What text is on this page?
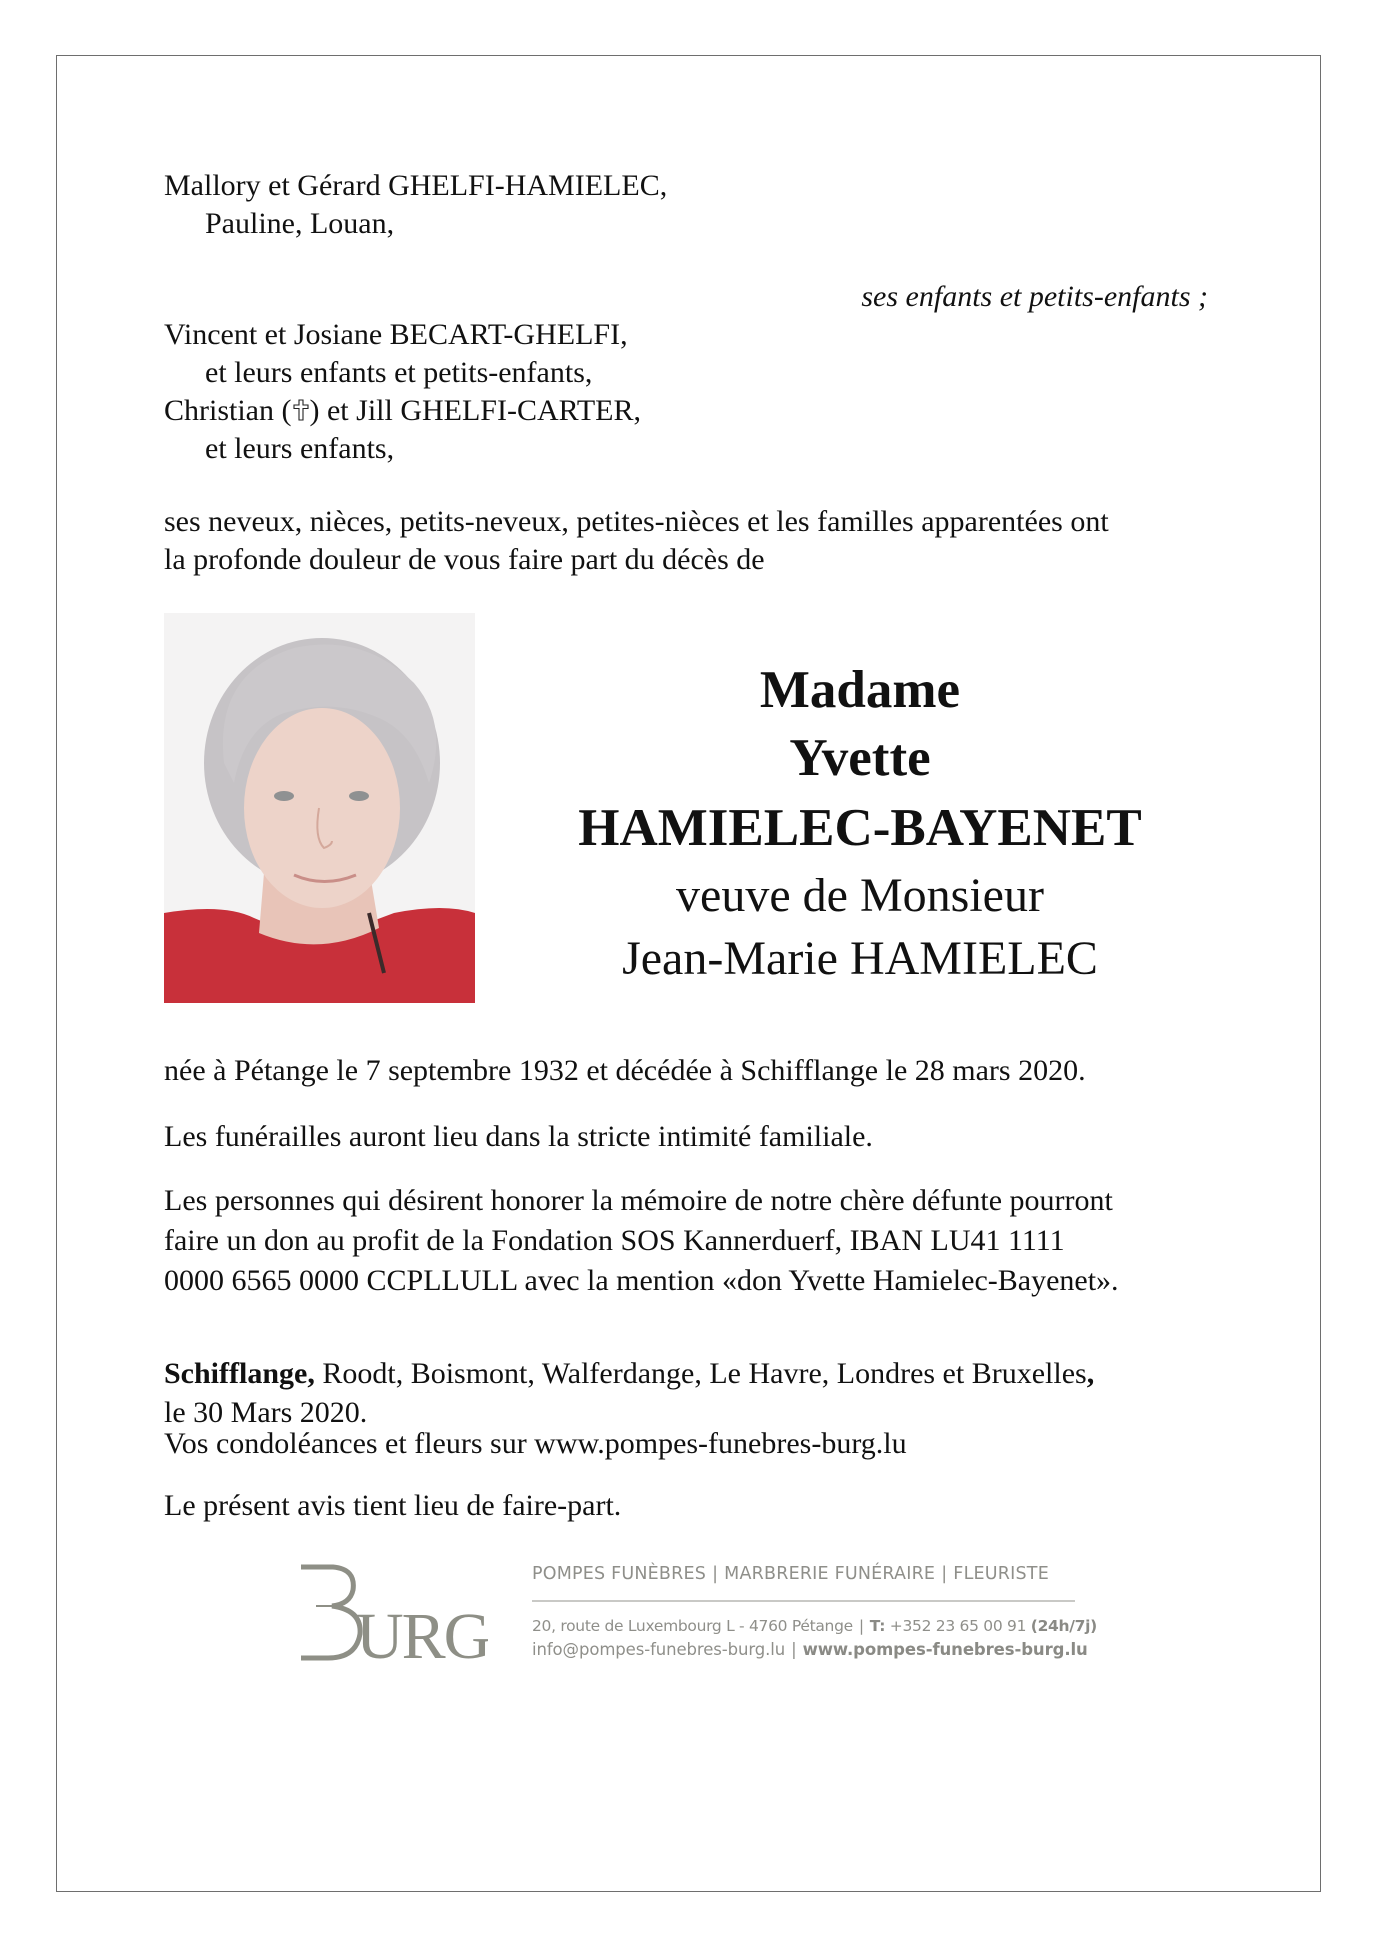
Mallory et Gérard GHELFI-HAMIELEC,
Pauline, Louan,
ses enfants et petits-enfants ;
Vincent et Josiane BECART-GHELFI,
et leurs enfants et petits-enfants,
Christian ( ) et Jill GHELFI-CARTER,
et leurs enfants,
ses neveux, nièces, petits-neveux, petites-nièces et les familles apparentées ont
la profonde douleur de vous faire part du décès de
Madame
Yvette
HAMIELEC-BAYENET
veuve de Monsieur
Jean-Marie HAMIELEC
née à Pétange le 7 septembre 1932 et décédée à Schifflange le 28 mars 2020.
Les funérailles auront lieu dans la stricte intimité familiale.
Les personnes qui désirent honorer la mémoire de notre chère défunte pourront
faire un don au profit de la Fondation SOS Kannerduerf, IBAN LU41 1111
0000 6565 0000 CCPLLULL avec la mention «don Yvette Hamielec-Bayenet».
Schifflange, Roodt, Boismont, Walferdange, Le Havre, Londres et Bruxelles,
le 30 Mars 2020.
Vos condoléances et fleurs sur www.pompes-funebres-burg.lu
Le présent avis tient lieu de faire-part.
URG
POMPES FUNÈBRES | MARBRERIE FUNÉRAIRE | FLEURISTE
20, route de Luxembourg L - 4760 Pétange | T: +352 23 65 00 91 (24h/7j)
info@pompes-funebres-burg.lu | www.pompes-funebres-burg.lu
